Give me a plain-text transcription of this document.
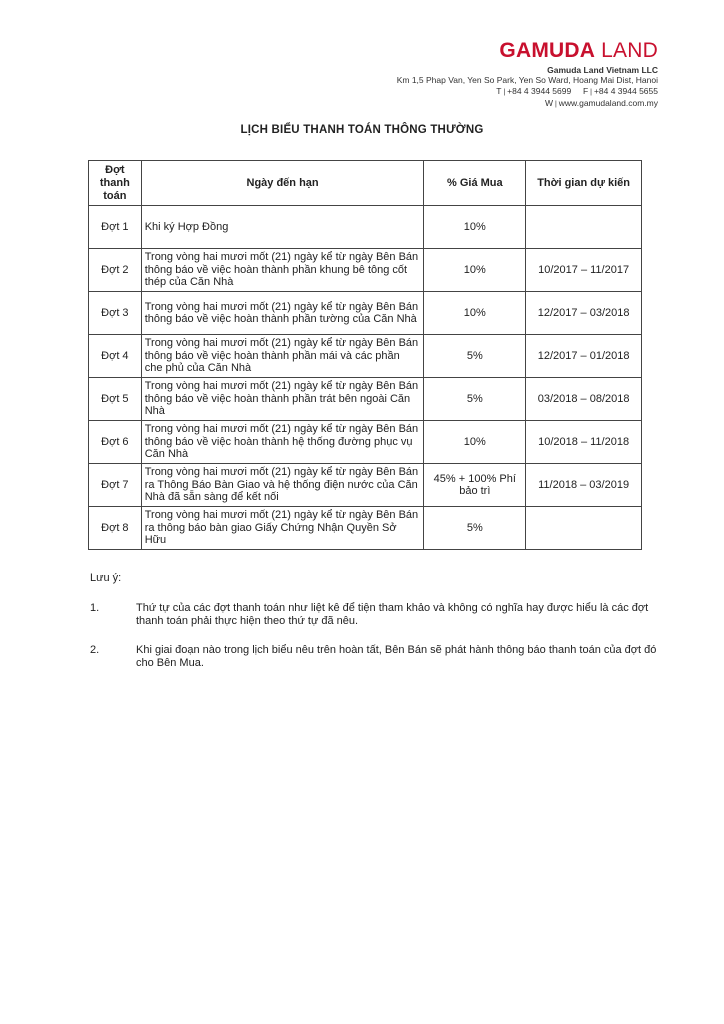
GAMUDA LAND
Gamuda Land Vietnam LLC
Km 1,5 Phap Van, Yen So Park, Yen So Ward, Hoang Mai Dist, Hanoi
T | +84 4 3944 5699 F | +84 4 3944 5655
W | www.gamudaland.com.my
LỊCH BIỂU THANH TOÁN THÔNG THƯỜNG
Đợt thanh toán	Ngày đến hạn	% Giá Mua	Thời gian dự kiến
Đợt 1	Khi ký Hợp Đồng	10%	
Đợt 2	Trong vòng hai mươi mốt (21) ngày kể từ ngày Bên Bán thông báo về việc hoàn thành phần khung bê tông cốt thép của Căn Nhà	10%	10/2017 – 11/2017
Đợt 3	Trong vòng hai mươi mốt (21) ngày kể từ ngày Bên Bán thông báo về việc hoàn thành phần tường của Căn Nhà	10%	12/2017 – 03/2018
Đợt 4	Trong vòng hai mươi mốt (21) ngày kể từ ngày Bên Bán thông báo về việc hoàn thành phần mái và các phần che phủ của Căn Nhà	5%	12/2017 – 01/2018
Đợt 5	Trong vòng hai mươi mốt (21) ngày kể từ ngày Bên Bán thông báo về việc hoàn thành phần trát bên ngoài Căn Nhà	5%	03/2018 – 08/2018
Đợt 6	Trong vòng hai mươi mốt (21) ngày kể từ ngày Bên Bán thông báo về việc hoàn thành hệ thống đường phục vụ Căn Nhà	10%	10/2018 – 11/2018
Đợt 7	Trong vòng hai mươi mốt (21) ngày kể từ ngày Bên Bán ra Thông Báo Bàn Giao và hệ thống điện nước của Căn Nhà đã sẵn sàng để kết nối	45% + 100% Phí bảo trì	11/2018 – 03/2019
Đợt 8	Trong vòng hai mươi mốt (21) ngày kể từ ngày Bên Bán ra thông báo bàn giao Giấy Chứng Nhận Quyền Sở Hữu	5%	
Lưu ý:
1.	Thứ tự của các đợt thanh toán như liệt kê để tiện tham khảo và không có nghĩa hay được hiểu là các đợt thanh toán phải thực hiện theo thứ tự đã nêu.
2.	Khi giai đoạn nào trong lịch biểu nêu trên hoàn tất, Bên Bán sẽ phát hành thông báo thanh toán của đợt đó cho Bên Mua.
